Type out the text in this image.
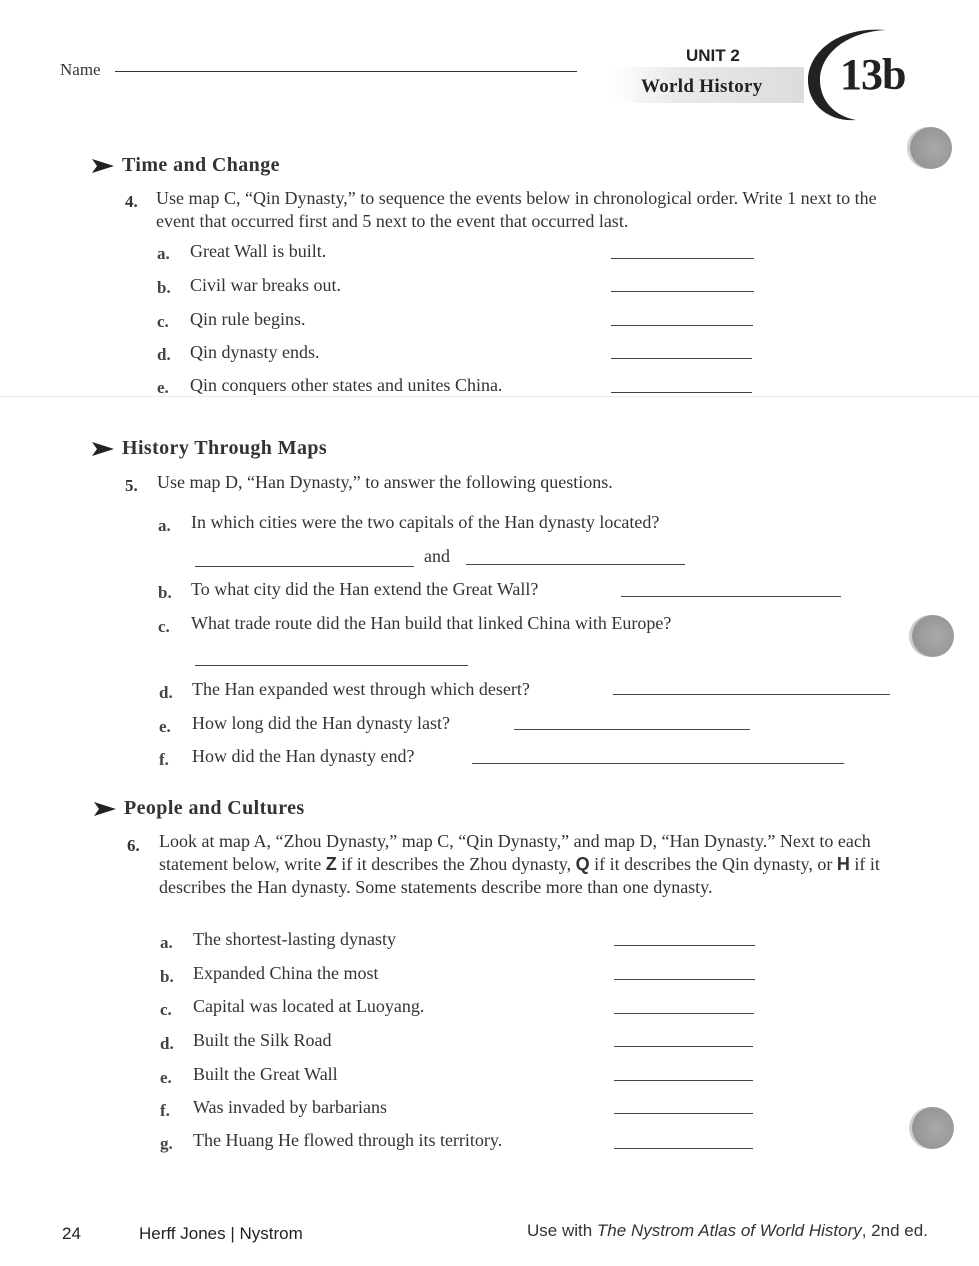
Name
UNIT 2
World History 13b
Time and Change
4. Use map C, “Qin Dynasty,” to sequence the events below in chronological order. Write 1 next to the event that occurred first and 5 next to the event that occurred last.
a. Great Wall is built.
b. Civil war breaks out.
c. Qin rule begins.
d. Qin dynasty ends.
e. Qin conquers other states and unites China.
History Through Maps
5. Use map D, “Han Dynasty,” to answer the following questions.
a. In which cities were the two capitals of the Han dynasty located?
and
b. To what city did the Han extend the Great Wall?
c. What trade route did the Han build that linked China with Europe?
d. The Han expanded west through which desert?
e. How long did the Han dynasty last?
f. How did the Han dynasty end?
People and Cultures
6. Look at map A, “Zhou Dynasty,” map C, “Qin Dynasty,” and map D, “Han Dynasty.” Next to each statement below, write Z if it describes the Zhou dynasty, Q if it describes the Qin dynasty, or H if it describes the Han dynasty. Some statements describe more than one dynasty.
a. The shortest-lasting dynasty
b. Expanded China the most
c. Capital was located at Luoyang.
d. Built the Silk Road
e. Built the Great Wall
f. Was invaded by barbarians
g. The Huang He flowed through its territory.
24	Herff Jones | Nystrom	Use with The Nystrom Atlas of World History, 2nd ed.
